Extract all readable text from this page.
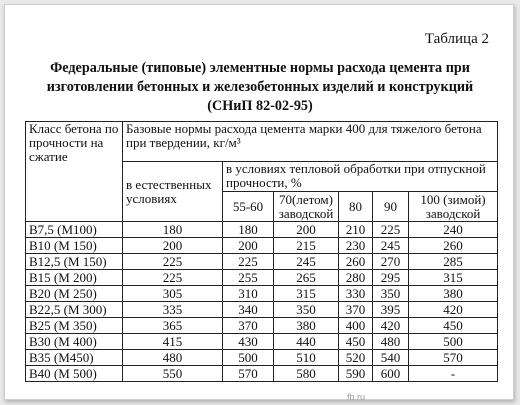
Таблица 2
Федеральные (типовые) элементные нормы расхода цемента при
изготовлении бетонных и железобетонных изделий и конструкций
(СНиП 82-02-95)
Класс бетона по прочности на сжатие	Базовые нормы расхода цемента марки 400 для тяжелого бетона при твердении, кг/м³					
	в естественных условиях	в условиях тепловой обработки при отпускной прочности, %				
		55-60	70(летом) заводской	80	90	100 (зимой) заводской
B7,5 (M100)	180	180	200	210	225	240
B10 (M 150)	200	200	215	230	245	260
B12,5 (M 150)	225	225	245	260	270	285
B15 (M 200)	225	255	265	280	295	315
B20 (M 250)	305	310	315	330	350	380
B22,5 (M 300)	335	340	350	370	395	420
B25 (M 350)	365	370	380	400	420	450
B30 (M 400)	415	430	440	450	480	500
B35 (M450)	480	500	510	520	540	570
B40 (M 500)	550	570	580	590	600	-
fb.ru
